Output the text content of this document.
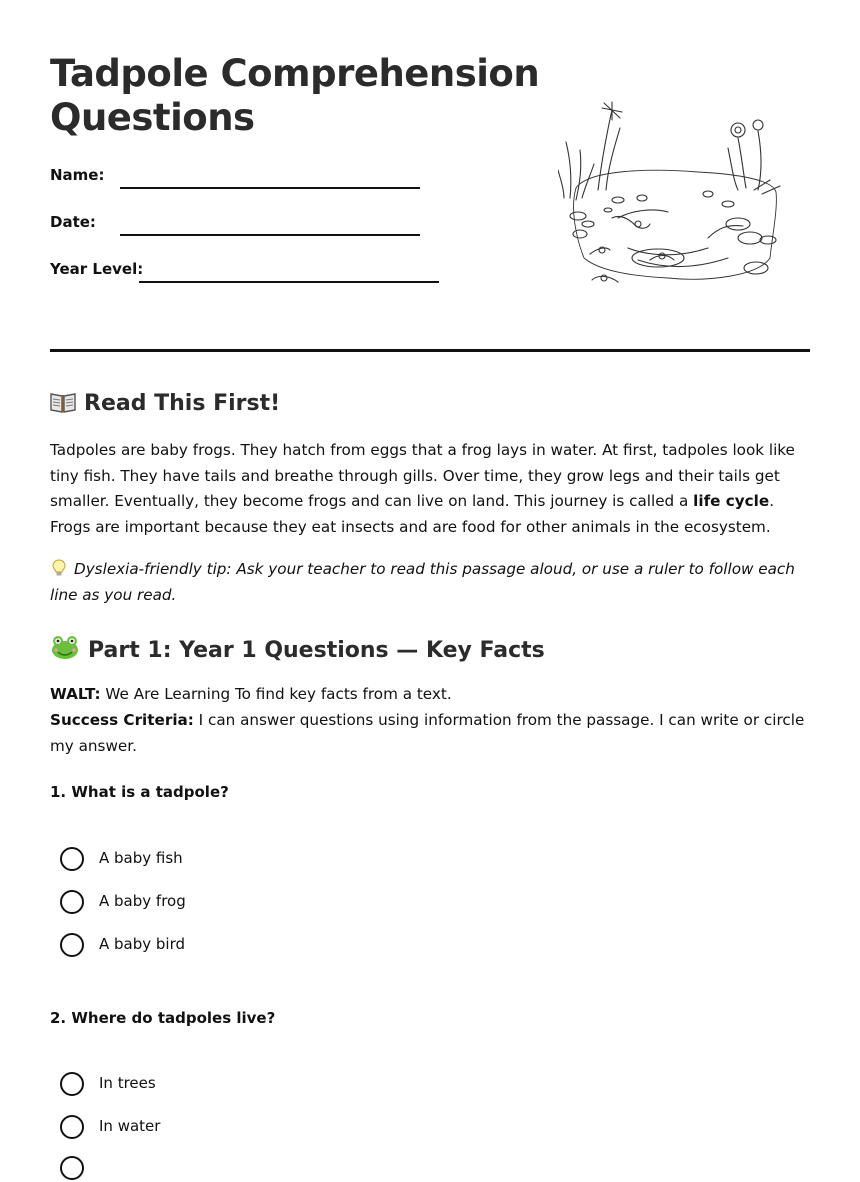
Tadpole Comprehension Questions
Name:
Date:
Year Level:
Read This First!

Tadpoles are baby frogs. They hatch from eggs that a frog lays in water. At first, tadpoles look like tiny fish. They have tails and breathe through gills. Over time, they grow legs and their tails get smaller. Eventually, they become frogs and can live on land. This journey is called a life cycle. Frogs are important because they eat insects and are food for other animals in the ecosystem.

Dyslexia-friendly tip: Ask your teacher to read this passage aloud, or use a ruler to follow each line as you read.

Part 1: Year 1 Questions — Key Facts

WALT: We Are Learning To find key facts from a text.

Success Criteria: I can answer questions using information from the passage. I can write or circle my answer.

1. What is a tadpole?

A baby fish
A baby frog
A baby bird

2. Where do tadpoles live?

In trees
In water
